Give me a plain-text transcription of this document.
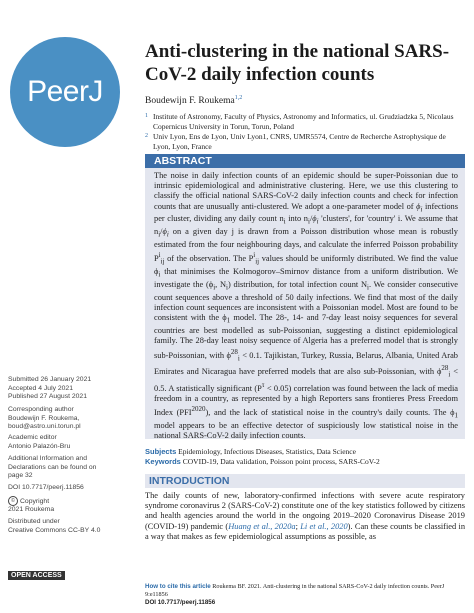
PeerJ
Anti-clustering in the national SARS-CoV-2 daily infection counts
Boudewijn F. Roukema$^{1,2}$
1 Institute of Astronomy, Faculty of Physics, Astronomy and Informatics, ul. Grudziadzka 5, Nicolaus Copernicus University in Torun, Torun, Poland
2 Univ Lyon, Ens de Lyon, Univ Lyon1, CNRS, UMR5574, Centre de Recherche Astrophysique de Lyon, Lyon, France
ABSTRACT
The noise in daily infection counts of an epidemic should be super-Poissonian due to intrinsic epidemiological and administrative clustering. Here, we use this clustering to classify the official national SARS-CoV-2 daily infection counts and check for infection counts that are unusually anti-clustered. We adopt a one-parameter model of $\phi_i$ infections per cluster, dividing any daily count $n_i$ into $n_i/\phi_i$ 'clusters', for 'country' i. We assume that $n_i/\phi_i$ on a given day j is drawn from a Poisson distribution whose mean is robustly estimated from the four neighbouring days, and calculate the inferred Poisson probability $P^i_{ij}$ of the observation. The $P^i_{ij}$ values should be uniformly distributed. We find the value $\phi_i$ that minimises the Kolmogorov–Smirnov distance from a uniform distribution. We investigate the ($\phi_i$, $N_i$) distribution, for total infection count $N_i$. We consider consecutive count sequences above a threshold of 50 daily infections. We find that most of the daily infection count sequences are inconsistent with a Poissonian model. Most are found to be consistent with the $\phi_1$ model. The 28-, 14- and 7-day least noisy sequences for several countries are best modelled as sub-Poissonian, suggesting a distinct epidemiological family. The 28-day least noisy sequence of Algeria has a preferred model that is strongly sub-Poissonian, with $\phi^{28}_i < 0.1$. Tajikistan, Turkey, Russia, Belarus, Albania, United Arab Emirates and Nicaragua have preferred models that are also sub-Poissonian, with $\phi^{28}_i < 0.5$. A statistically significant $(P^\tau < 0.05)$ correlation was found between the lack of media freedom in a country, as represented by a high Reporters sans frontieres Press Freedom Index $(PFI^{2020})$, and the lack of statistical noise in the country's daily counts. The $\phi_1$ model appears to be an effective detector of suspiciously low statistical noise in the national SARS-CoV-2 daily infection counts.
Subjects Epidemiology, Infectious Diseases, Statistics, Data Science
Keywords COVID-19, Data validation, Poisson point process, SARS-CoV-2
INTRODUCTION
The daily counts of new, laboratory-confirmed infections with severe acute respiratory syndrome coronavirus 2 (SARS-CoV-2) constitute one of the key statistics followed by citizens and health agencies around the world in the ongoing 2019–2020 Coronavirus Disease 2019 (COVID-19) pandemic (Huang et al., 2020a; Li et al., 2020). Can these counts be classified in a way that makes as few epidemiological assumptions as possible, as
Submitted 26 January 2021
Accepted 4 July 2021
Published 27 August 2021
Corresponding author
Boudewijn F. Roukema,
boud@astro.uni.torun.pl
Academic editor
Antonio Palazón-Bru
Additional Information and
Declarations can be found on
page 32
DOI 10.7717/peerj.11856
© Copyright
2021 Roukema
Distributed under
Creative Commons CC-BY 4.0
OPEN ACCESS
How to cite this article Roukema BF. 2021. Anti-clustering in the national SARS-CoV-2 daily infection counts. PeerJ 9:e11856
DOI 10.7717/peerj.11856
